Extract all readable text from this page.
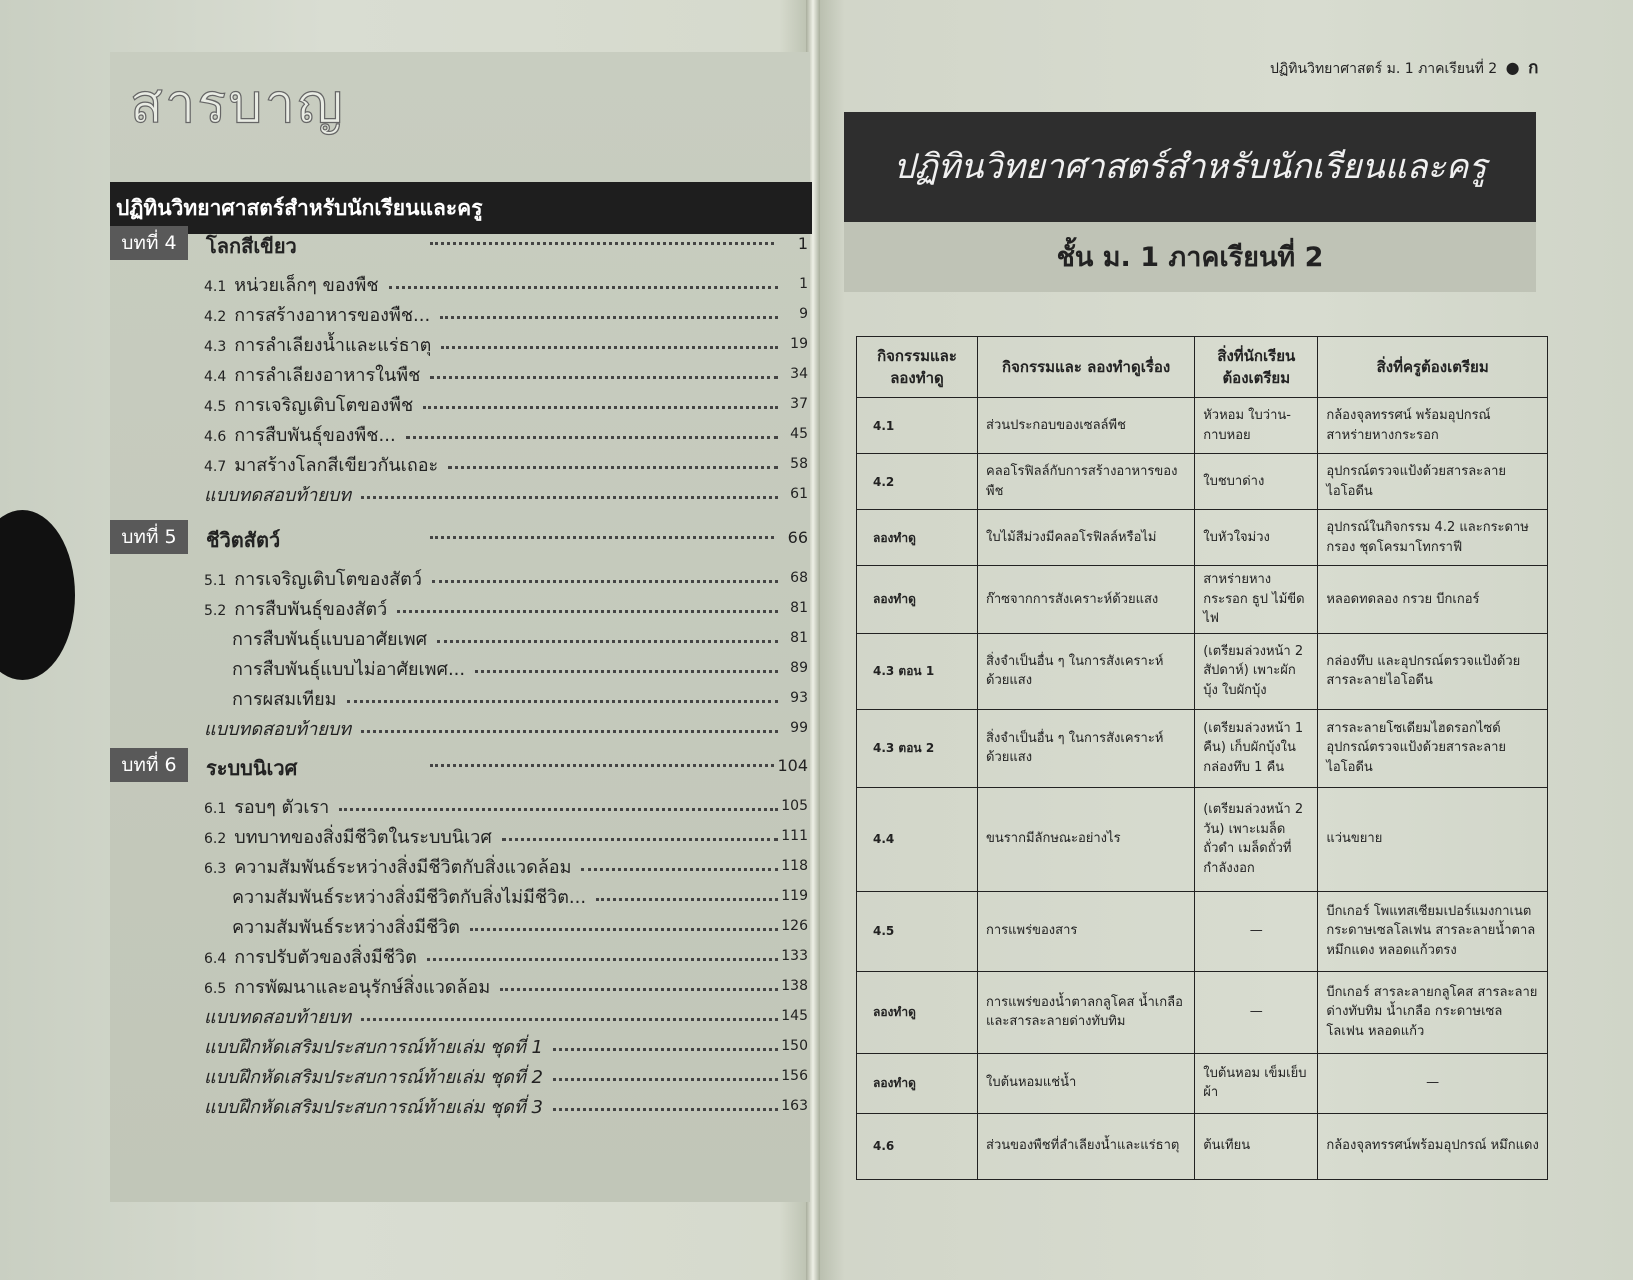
สารบาญ
ปฏิทินวิทยาศาสตร์สำหรับนักเรียนและครู
บทที่ 4	โลกสีเขียว	1
4.1 หน่วยเล็กๆ ของพืช	1
4.2 การสร้างอาหารของพืช...	9
4.3 การลำเลียงน้ำและแร่ธาตุ	19
4.4 การลำเลียงอาหารในพืช	34
4.5 การเจริญเติบโตของพืช	37
4.6 การสืบพันธุ์ของพืช...	45
4.7 มาสร้างโลกสีเขียวกันเถอะ	58
แบบทดสอบท้ายบท	61
บทที่ 5	ชีวิตสัตว์	66
5.1 การเจริญเติบโตของสัตว์	68
5.2 การสืบพันธุ์ของสัตว์	81
การสืบพันธุ์แบบอาศัยเพศ	81
การสืบพันธุ์แบบไม่อาศัยเพศ...	89
การผสมเทียม	93
แบบทดสอบท้ายบท	99
บทที่ 6	ระบบนิเวศ	104
6.1 รอบๆ ตัวเรา	105
6.2 บทบาทของสิ่งมีชีวิตในระบบนิเวศ	111
6.3 ความสัมพันธ์ระหว่างสิ่งมีชีวิตกับสิ่งแวดล้อม	118
ความสัมพันธ์ระหว่างสิ่งมีชีวิตกับสิ่งไม่มีชีวิต...	119
ความสัมพันธ์ระหว่างสิ่งมีชีวิต	126
6.4 การปรับตัวของสิ่งมีชีวิต	133
6.5 การพัฒนาและอนุรักษ์สิ่งแวดล้อม	138
แบบทดสอบท้ายบท	145
แบบฝึกหัดเสริมประสบการณ์ท้ายเล่ม ชุดที่ 1	150
แบบฝึกหัดเสริมประสบการณ์ท้ายเล่ม ชุดที่ 2	156
แบบฝึกหัดเสริมประสบการณ์ท้ายเล่ม ชุดที่ 3	163
ปฏิทินวิทยาศาสตร์ ม. 1 ภาคเรียนที่ 2 ● ก
ปฏิทินวิทยาศาสตร์สำหรับนักเรียนและครู
ชั้น ม. 1 ภาคเรียนที่ 2
กิจกรรมและ ลองทำดู	กิจกรรมและ ลองทำดูเรื่อง	สิ่งที่นักเรียน ต้องเตรียม	สิ่งที่ครูต้องเตรียม
4.1	ส่วนประกอบของเซลล์พืช	หัวหอม ใบว่าน-กาบหอย	กล้องจุลทรรศน์ พร้อมอุปกรณ์ สาหร่ายหางกระรอก
4.2	คลอโรฟิลล์กับการสร้างอาหารของพืช	ใบชบาด่าง	อุปกรณ์ตรวจแป้งด้วยสารละลายไอโอดีน
ลองทำดู	ใบไม้สีม่วงมีคลอโรฟิลล์หรือไม่	ใบหัวใจม่วง	อุปกรณ์ในกิจกรรม 4.2 และกระดาษกรอง ชุดโครมาโทกราฟี
ลองทำดู	ก๊าซจากการสังเคราะห์ด้วยแสง	สาหร่ายหางกระรอก ธูป ไม้ขีดไฟ	หลอดทดลอง กรวย บีกเกอร์
4.3 ตอน 1	สิ่งจำเป็นอื่น ๆ ในการสังเคราะห์ด้วยแสง	(เตรียมล่วงหน้า 2 สัปดาห์) เพาะผักบุ้ง ใบผักบุ้ง	กล่องทึบ และอุปกรณ์ตรวจแป้งด้วยสารละลายไอโอดีน
4.3 ตอน 2	สิ่งจำเป็นอื่น ๆ ในการสังเคราะห์ด้วยแสง	(เตรียมล่วงหน้า 1 คืน) เก็บผักบุ้งในกล่องทึบ 1 คืน	สารละลายโซเดียมไฮดรอกไซด์ อุปกรณ์ตรวจแป้งด้วยสารละลายไอโอดีน
4.4	ขนรากมีลักษณะอย่างไร	(เตรียมล่วงหน้า 2 วัน) เพาะเมล็ดถั่วดำ เมล็ดถั่วที่กำลังงอก	แว่นขยาย
4.5	การแพร่ของสาร	—	บีกเกอร์ โพแทสเซียมเปอร์แมงกาเนต กระดาษเซลโลเฟน สารละลายน้ำตาล หมึกแดง หลอดแก้วตรง
ลองทำดู	การแพร่ของน้ำตาลกลูโคส น้ำเกลือ และสารละลายด่างทับทิม	—	บีกเกอร์ สารละลายกลูโคส สารละลายด่างทับทิม น้ำเกลือ กระดาษเซลโลเฟน หลอดแก้ว
ลองทำดู	ใบต้นหอมแช่น้ำ	ใบต้นหอม เข็มเย็บผ้า	—

4.6	ส่วนของพืชที่ลำเลียงน้ำและแร่ธาตุ	ต้นเทียน	กล้องจุลทรรศน์พร้อมอุปกรณ์ หมึกแดง
